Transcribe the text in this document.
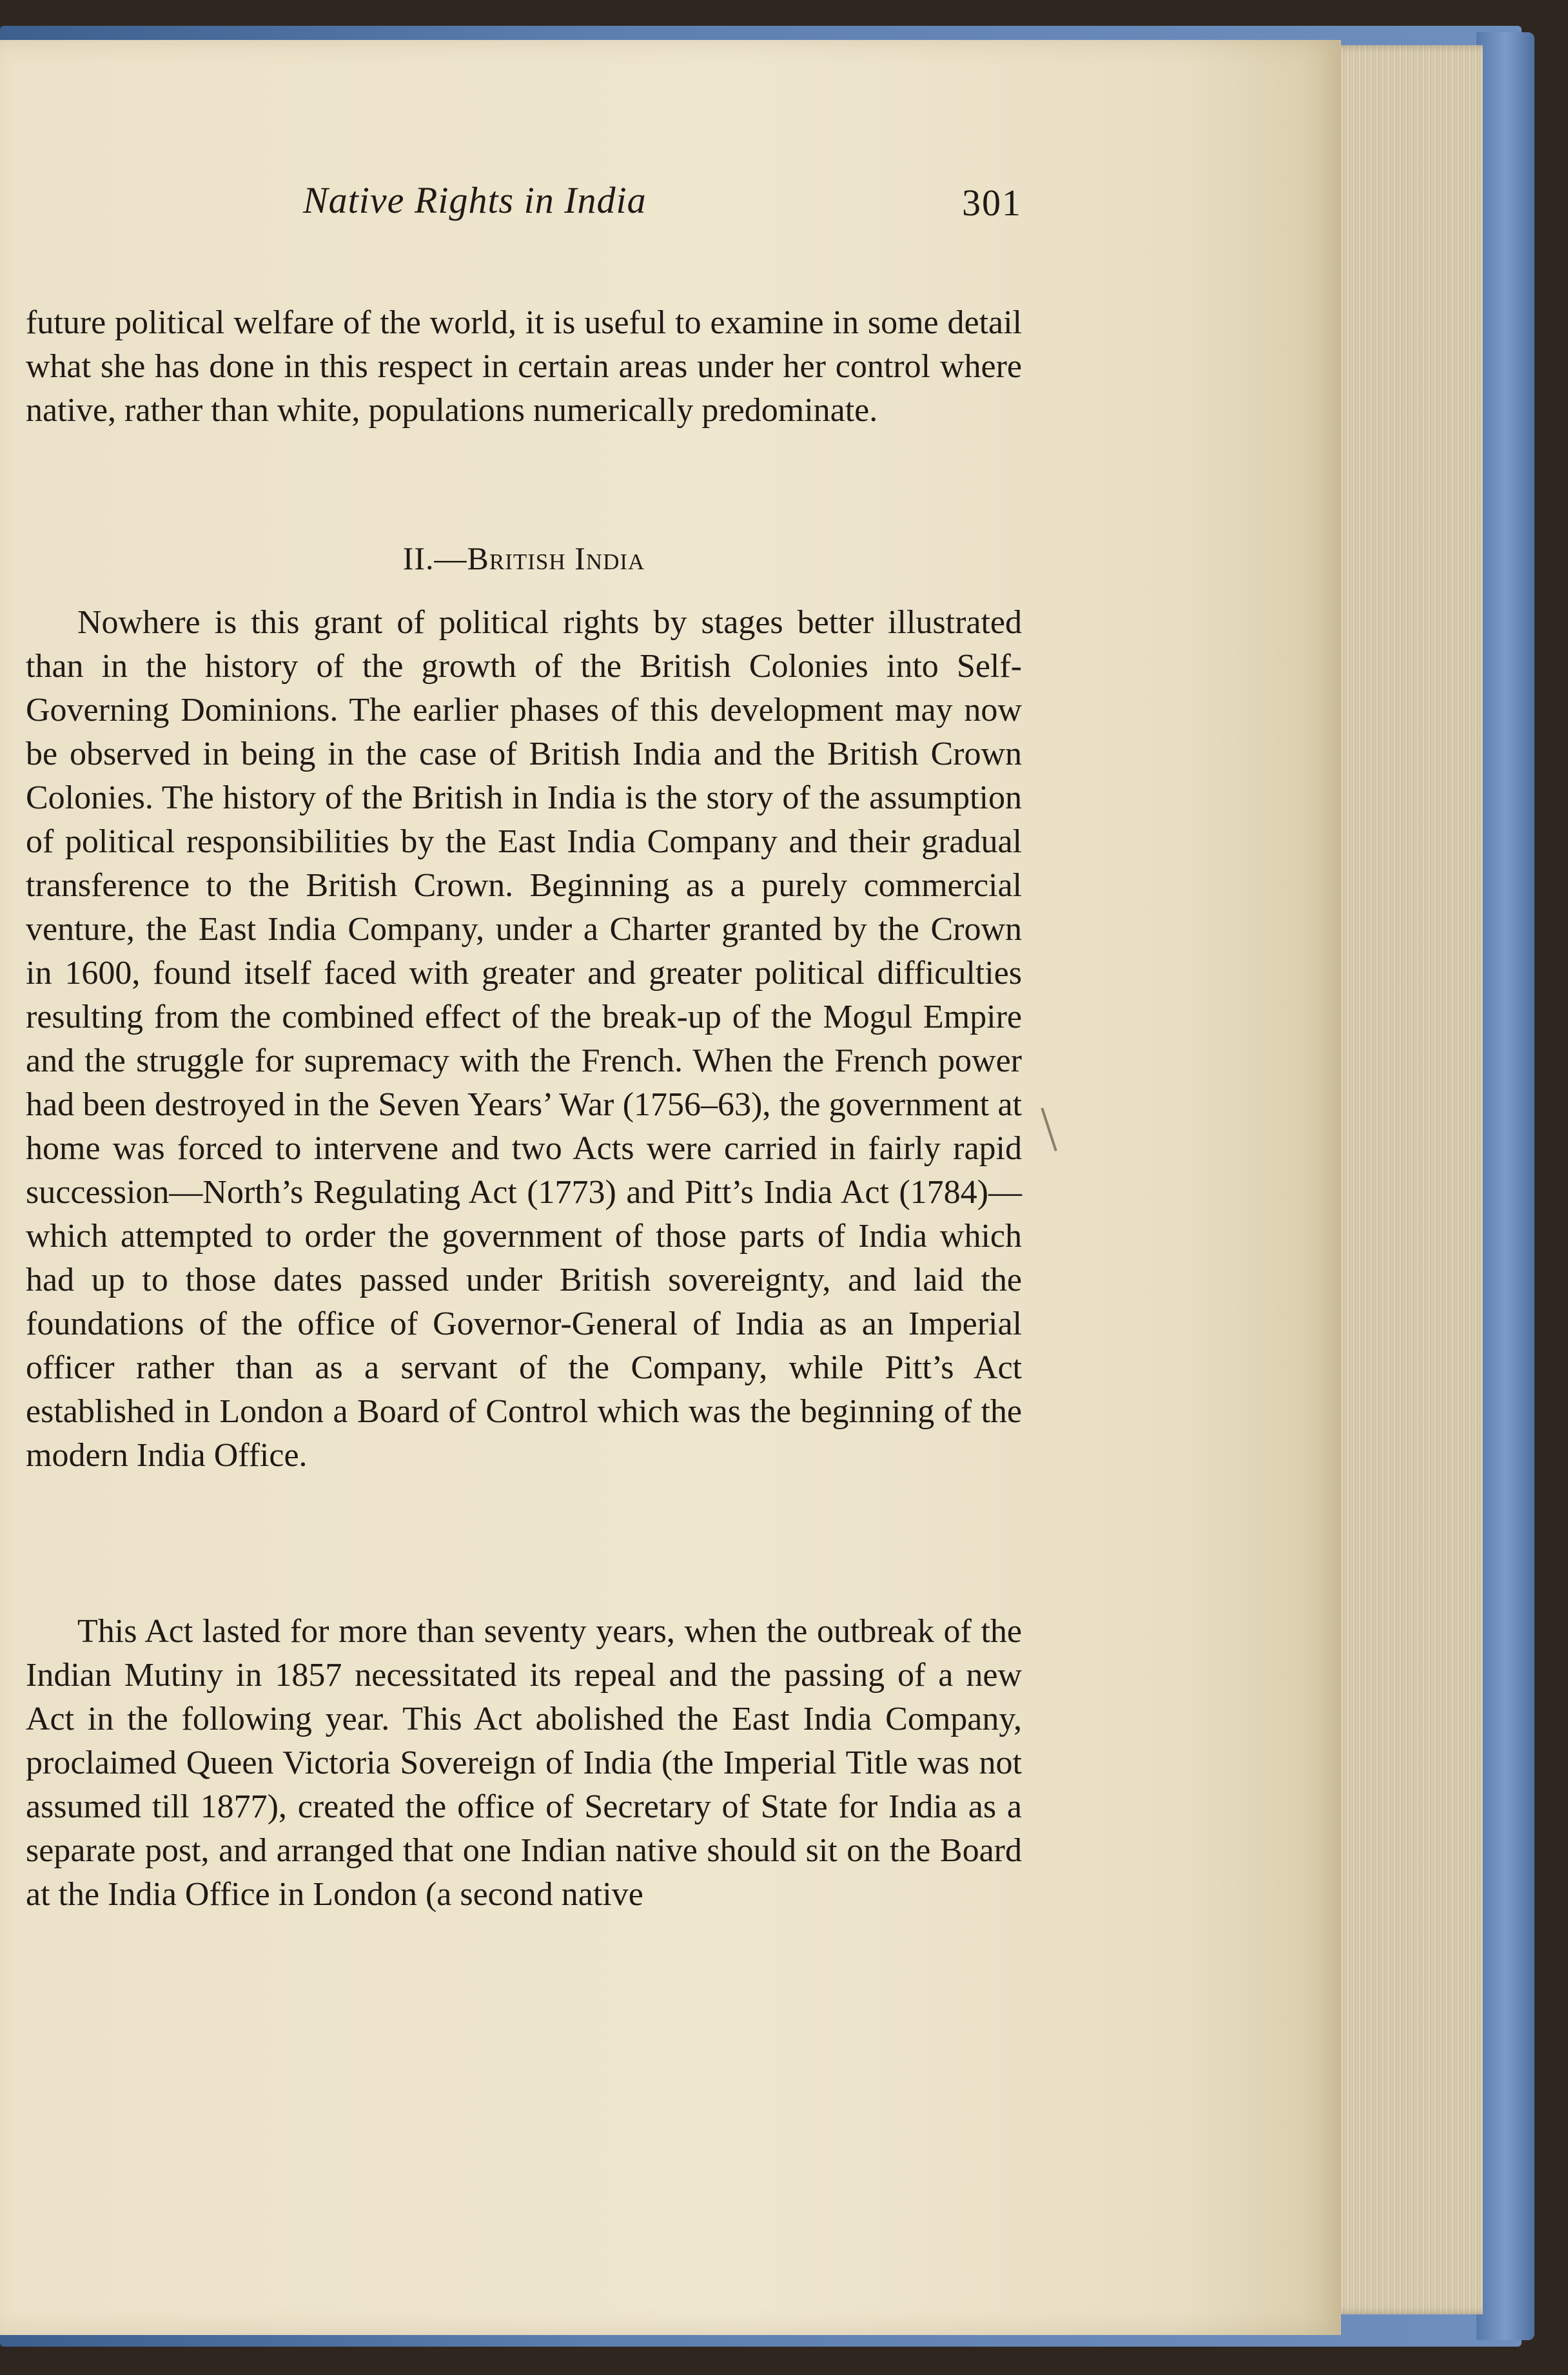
Native Rights in India	301

future political welfare of the world, it is useful to examine in some detail what she has done in this respect in certain areas under her control where native, rather than white, populations numerically predominate.

II.—British India

Nowhere is this grant of political rights by stages better illustrated than in the history of the growth of the British Colonies into Self-Governing Dominions. The earlier phases of this development may now be observed in being in the case of British India and the British Crown Colonies. The history of the British in India is the story of the assumption of political responsibilities by the East India Company and their gradual transference to the British Crown. Beginning as a purely commercial venture, the East India Company, under a Charter granted by the Crown in 1600, found itself faced with greater and greater political difficulties resulting from the combined effect of the break-up of the Mogul Empire and the struggle for supremacy with the French. When the French power had been destroyed in the Seven Years’ War (1756–63), the government at home was forced to intervene and two Acts were carried in fairly rapid succession—North’s Regulating Act (1773) and Pitt’s India Act (1784)—which attempted to order the government of those parts of India which had up to those dates passed under British sovereignty, and laid the foundations of the office of Governor-General of India as an Imperial officer rather than as a servant of the Company, while Pitt’s Act established in London a Board of Control which was the beginning of the modern India Office.

This Act lasted for more than seventy years, when the outbreak of the Indian Mutiny in 1857 necessitated its repeal and the passing of a new Act in the following year. This Act abolished the East India Company, proclaimed Queen Victoria Sovereign of India (the Imperial Title was not assumed till 1877), created the office of Secretary of State for India as a separate post, and arranged that one Indian native should sit on the Board at the India Office in London (a second native
